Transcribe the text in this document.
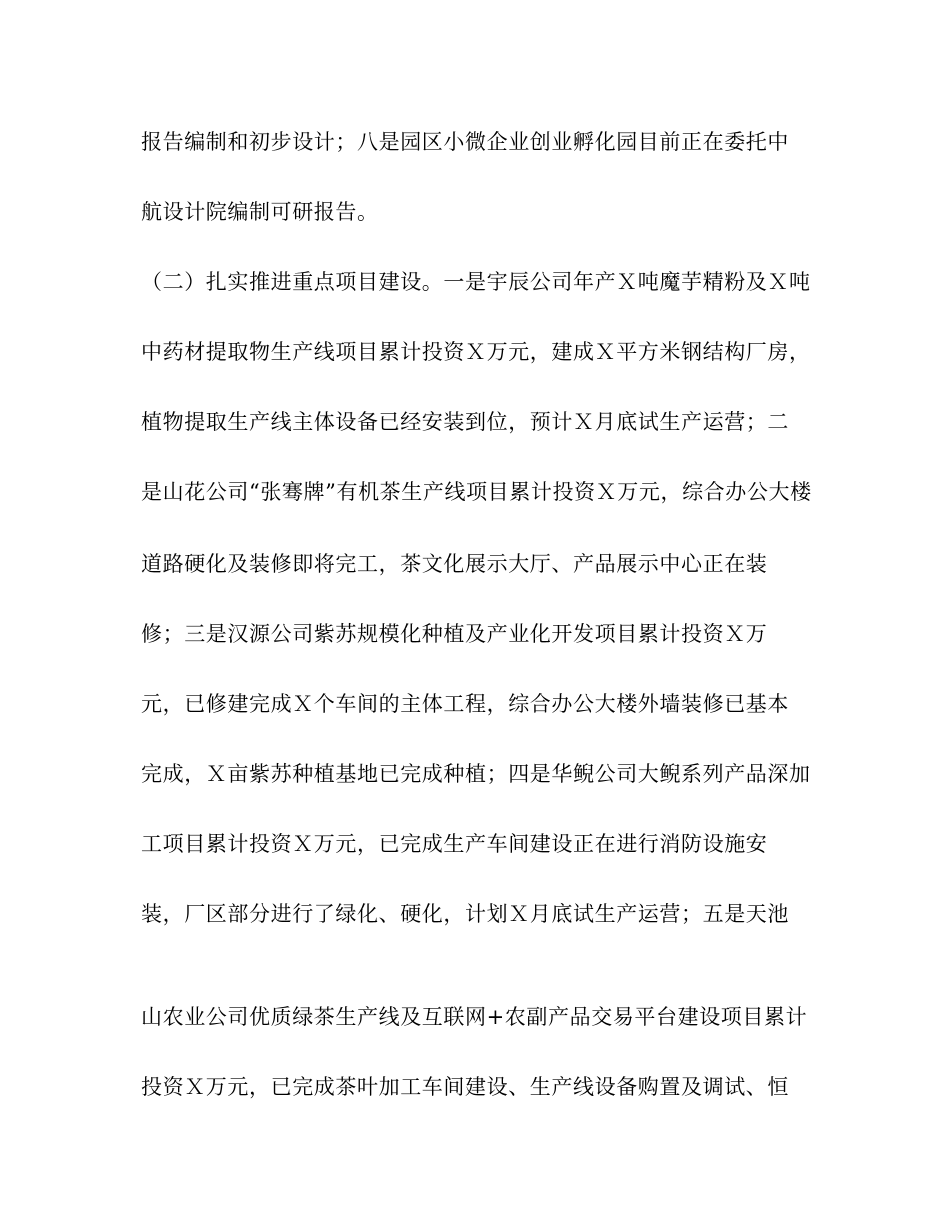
报告编制和初步设计；八是园区小微企业创业孵化园目前正在委托中
航设计院编制可研报告。
（二）扎实推进重点项目建设。一是宇辰公司年产Ｘ吨魔芋精粉及Ｘ吨
中药材提取物生产线项目累计投资Ｘ万元，建成Ｘ平方米钢结构厂房，
植物提取生产线主体设备已经安装到位，预计Ｘ月底试生产运营；二
是山花公司“张骞牌”有机茶生产线项目累计投资Ｘ万元，综合办公大楼
道路硬化及装修即将完工，茶文化展示大厅、产品展示中心正在装
修；三是汉源公司紫苏规模化种植及产业化开发项目累计投资Ｘ万
元，已修建完成Ｘ个车间的主体工程，综合办公大楼外墙装修已基本
完成，Ｘ亩紫苏种植基地已完成种植；四是华鲵公司大鲵系列产品深加
工项目累计投资Ｘ万元，已完成生产车间建设正在进行消防设施安
装，厂区部分进行了绿化、硬化，计划Ｘ月底试生产运营；五是天池
山农业公司优质绿茶生产线及互联网+农副产品交易平台建设项目累计
投资Ｘ万元，已完成茶叶加工车间建设、生产线设备购置及调试、恒
